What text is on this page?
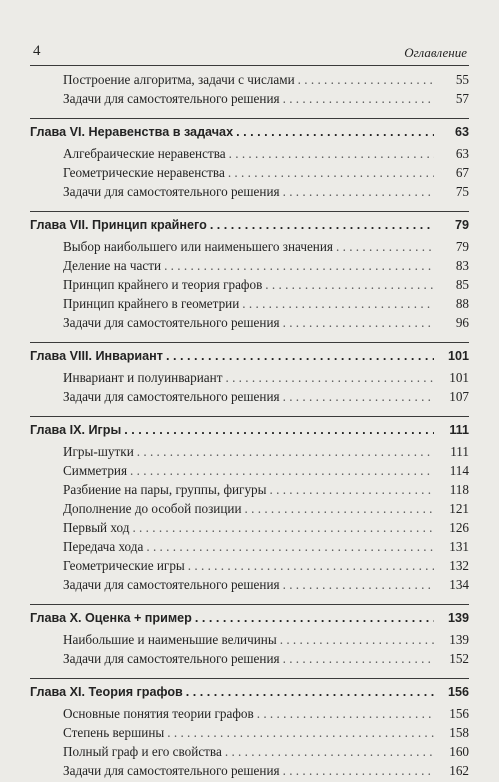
4	Оглавление
Построение алгоритма, задачи с числами . . .	55
Задачи для самостоятельного решения . . .	57
Глава VI. Неравенства в задачах . . .	63
Алгебраические неравенства . . .	63
Геометрические неравенства . . .	67
Задачи для самостоятельного решения . . .	75
Глава VII. Принцип крайнего . . .	79
Выбор наибольшего или наименьшего значения . . .	79
Деление на части . . .	83
Принцип крайнего и теория графов . . .	85
Принцип крайнего в геометрии . . .	88
Задачи для самостоятельного решения . . .	96
Глава VIII. Инвариант . . .	101
Инвариант и полуинвариант . . .	101
Задачи для самостоятельного решения . . .	107
Глава IX. Игры . . .	111
Игры-шутки . . .	111
Симметрия . . .	114
Разбиение на пары, группы, фигуры . . .	118
Дополнение до особой позиции . . .	121
Первый ход . . .	126
Передача хода . . .	131
Геометрические игры . . .	132
Задачи для самостоятельного решения . . .	134
Глава X. Оценка + пример . . .	139
Наибольшие и наименьшие величины . . .	139
Задачи для самостоятельного решения . . .	152
Глава XI. Теория графов . . .	156
Основные понятия теории графов . . .	156
Степень вершины . . .	158
Полный граф и его свойства . . .	160
Задачи для самостоятельного решения . . .	162
